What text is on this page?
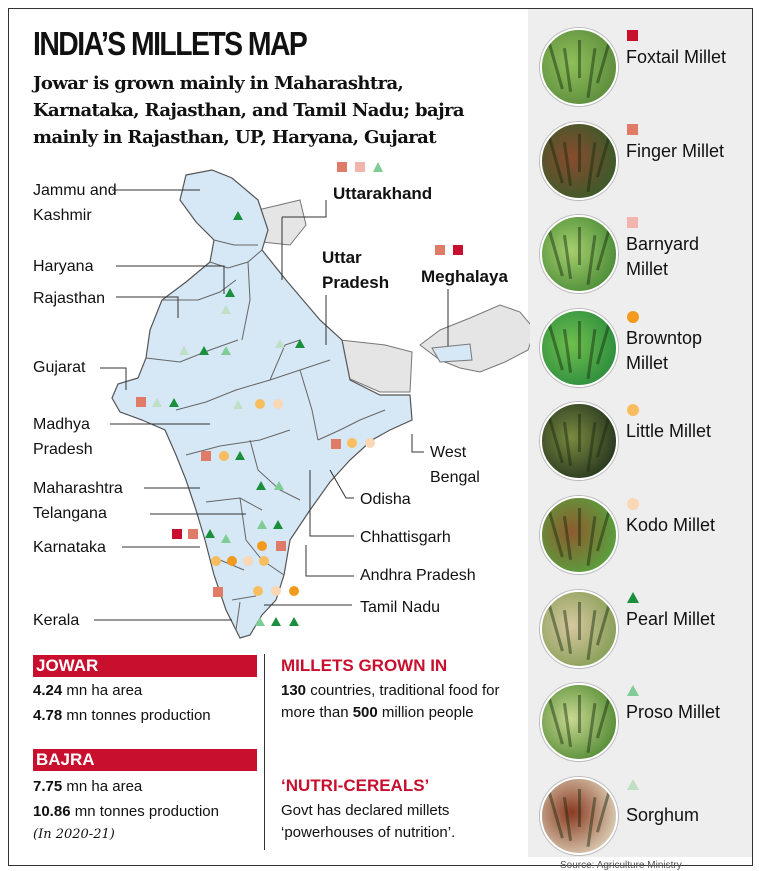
INDIA’S MILLETS MAP
Jowar is grown mainly in Maharashtra, Karnataka, Rajasthan, and Tamil Nadu; bajra mainly in Rajasthan, UP, Haryana, Gujarat
Jammu and Kashmir
Haryana
Rajasthan
Gujarat
Madhya Pradesh
Maharashtra
Telangana
Karnataka
Kerala
Uttarakhand
Uttar Pradesh	Meghalaya
West Bengal
Odisha
Chhattisgarh
Andhra Pradesh
Tamil Nadu
JOWAR
4.24 mn ha area
4.78 mn tonnes production
BAJRA
7.75 mn ha area
10.86 mn tonnes production
(In 2020-21)
MILLETS GROWN IN
130 countries, traditional food for more than 500 million people
‘NUTRI-CEREALS’
Govt has declared millets ‘powerhouses of nutrition’.
Foxtail Millet
Finger Millet
Barnyard Millet
Browntop Millet
Little Millet
Kodo Millet
Pearl Millet
Proso Millet
Sorghum
Source: Agriculture Ministry
